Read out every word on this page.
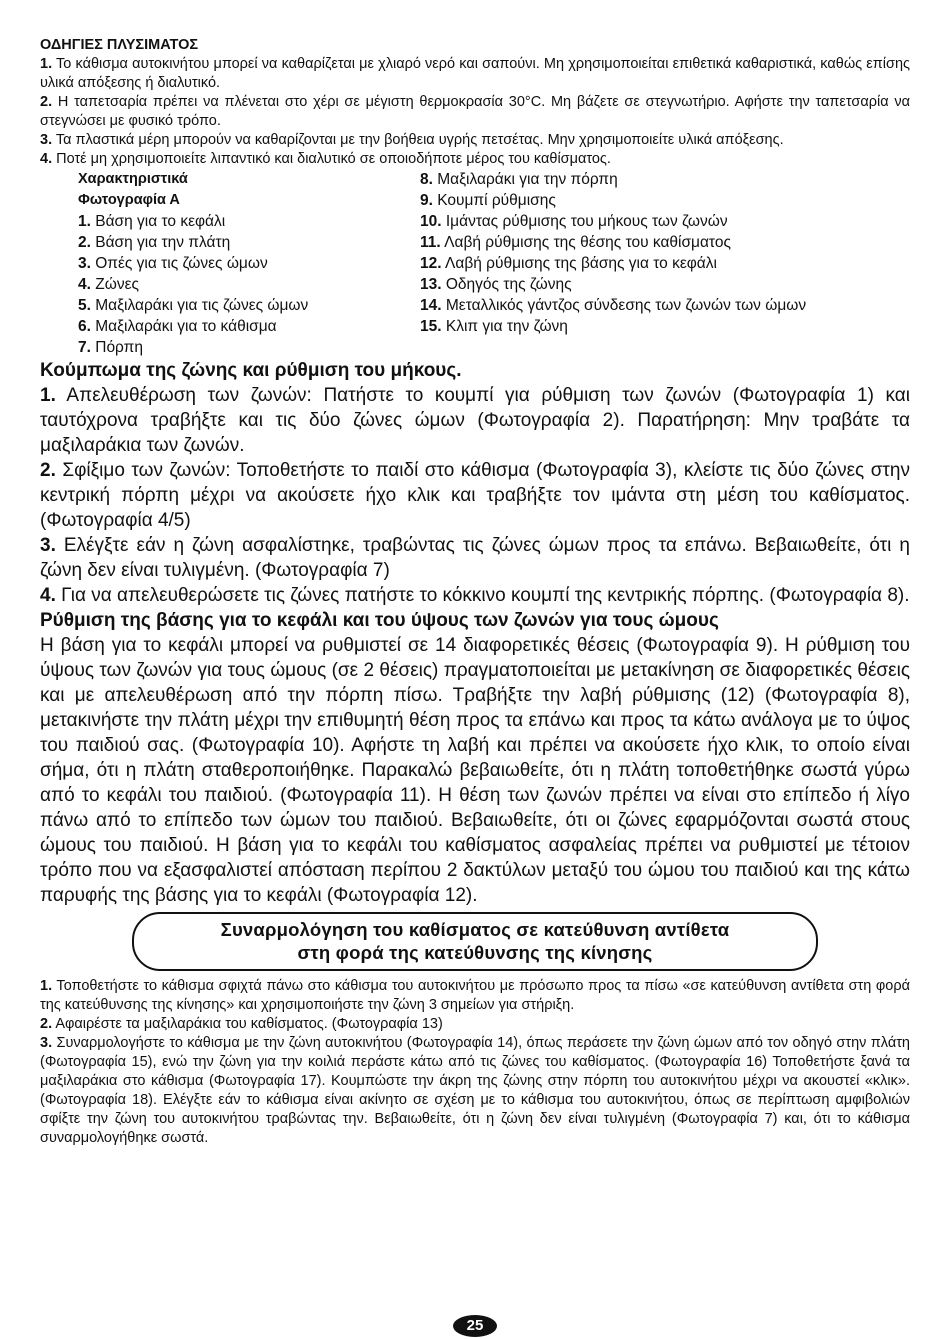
ΟΔΗΓΙΕΣ ΠΛΥΣΙΜΑΤΟΣ

1. Το κάθισμα αυτοκινήτου μπορεί να καθαρίζεται με χλιαρό νερό και σαπούνι. Μη χρησιμοποιείται επιθετικά καθαριστικά, καθώς επίσης υλικά απόξεσης ή διαλυτικό.

2. Η ταπετσαρία πρέπει να πλένεται στο χέρι σε μέγιστη θερμοκρασία 30°C. Μη βάζετε σε στεγνωτήριο. Αφήστε την ταπετσαρία να στεγνώσει με φυσικό τρόπο.

3. Τα πλαστικά μέρη μπορούν να καθαρίζονται με την βοήθεια υγρής πετσέτας. Μην χρησιμοποιείτε υλικά απόξεσης.

4. Ποτέ μη χρησιμοποιείτε λιπαντικό και διαλυτικό σε οποιοδήποτε μέρος του καθίσματος.

Χαρακτηριστικά
Φωτογραφία Α
1. Βάση για το κεφάλι
2. Βάση για την πλάτη
3. Οπές για τις ζώνες ώμων
4. Ζώνες
5. Μαξιλαράκι για τις ζώνες ώμων
6. Μαξιλαράκι για το κάθισμα
7. Πόρπη
8. Μαξιλαράκι για την πόρπη
9. Κουμπί ρύθμισης
10. Ιμάντας ρύθμισης του μήκους των ζωνών
11. Λαβή ρύθμισης της θέσης του καθίσματος
12. Λαβή ρύθμισης της βάσης για το κεφάλι
13. Οδηγός της ζώνης
14. Μεταλλικός γάντζος σύνδεσης των ζωνών των ώμων
15. Κλιπ για την ζώνη

Κούμπωμα της ζώνης και ρύθμιση του μήκους.

1. Απελευθέρωση των ζωνών: Πατήστε το κουμπί για ρύθμιση των ζωνών (Φωτογραφία 1) και ταυτόχρονα τραβήξτε και τις δύο ζώνες ώμων (Φωτογραφία 2). Παρατήρηση: Μην τραβάτε τα μαξιλαράκια των ζωνών.

2. Σφίξιμο των ζωνών: Τοποθετήστε το παιδί στο κάθισμα (Φωτογραφία 3), κλείστε τις δύο ζώνες στην κεντρική πόρπη μέχρι να ακούσετε ήχο κλικ και τραβήξτε τον ιμάντα στη μέση του καθίσματος. (Φωτογραφία 4/5)

3. Ελέγξτε εάν η ζώνη ασφαλίστηκε, τραβώντας τις ζώνες ώμων προς τα επάνω. Βεβαιωθείτε, ότι η ζώνη δεν είναι τυλιγμένη. (Φωτογραφία 7)

4. Για να απελευθερώσετε τις ζώνες πατήστε το κόκκινο κουμπί της κεντρικής πόρπης. (Φωτογραφία 8).

Ρύθμιση της βάσης για το κεφάλι και του ύψους των ζωνών για τους ώμους

Η βάση για το κεφάλι μπορεί να ρυθμιστεί σε 14 διαφορετικές θέσεις (Φωτογραφία 9). Η ρύθμιση του ύψους των ζωνών για τους ώμους (σε 2 θέσεις) πραγματοποιείται με μετακίνηση σε διαφορετικές θέσεις και με απελευθέρωση από την πόρπη πίσω. Τραβήξτε την λαβή ρύθμισης (12) (Φωτογραφία 8), μετακινήστε την πλάτη μέχρι την επιθυμητή θέση προς τα επάνω και προς τα κάτω ανάλογα με το ύψος του παιδιού σας. (Φωτογραφία 10). Αφήστε τη λαβή και πρέπει να ακούσετε ήχο κλικ, το οποίο είναι σήμα, ότι η πλάτη σταθεροποιήθηκε. Παρακαλώ βεβαιωθείτε, ότι η πλάτη τοποθετήθηκε σωστά γύρω από το κεφάλι του παιδιού. (Φωτογραφία 11). Η θέση των ζωνών πρέπει να είναι στο επίπεδο ή λίγο πάνω από το επίπεδο των ώμων του παιδιού. Βεβαιωθείτε, ότι οι ζώνες εφαρμόζονται σωστά στους ώμους του παιδιού. Η βάση για το κεφάλι του καθίσματος ασφαλείας πρέπει να ρυθμιστεί με τέτοιον τρόπο που να εξασφαλιστεί απόσταση περίπου 2 δακτύλων μεταξύ του ώμου του παιδιού και της κάτω παρυφής της βάσης για το κεφάλι (Φωτογραφία 12).

Συναρμολόγηση του καθίσματος σε κατεύθυνση αντίθετα
στη φορά της κατεύθυνσης της κίνησης

1. Τοποθετήστε το κάθισμα σφιχτά πάνω στο κάθισμα του αυτοκινήτου με πρόσωπο προς τα πίσω «σε κατεύθυνση αντίθετα στη φορά της κατεύθυνσης της κίνησης» και χρησιμοποιήστε την ζώνη 3 σημείων για στήριξη.

2. Αφαιρέστε τα μαξιλαράκια του καθίσματος. (Φωτογραφία 13)

3. Συναρμολογήστε το κάθισμα με την ζώνη αυτοκινήτου (Φωτογραφία 14), όπως περάσετε την ζώνη ώμων από τον οδηγό στην πλάτη (Φωτογραφία 15), ενώ την ζώνη για την κοιλιά περάστε κάτω από τις ζώνες του καθίσματος. (Φωτογραφία 16) Τοποθετήστε ξανά τα μαξιλαράκια στο κάθισμα (Φωτογραφία 17). Κουμπώστε την άκρη της ζώνης στην πόρπη του αυτοκινήτου μέχρι να ακουστεί «κλικ». (Φωτογραφία 18). Ελέγξτε εάν το κάθισμα είναι ακίνητο σε σχέση με το κάθισμα του αυτοκινήτου, όπως σε περίπτωση αμφιβολιών σφίξτε την ζώνη του αυτοκινήτου τραβώντας την. Βεβαιωθείτε, ότι η ζώνη δεν είναι τυλιγμένη (Φωτογραφία 7) και, ότι το κάθισμα συναρμολογήθηκε σωστά.

25
